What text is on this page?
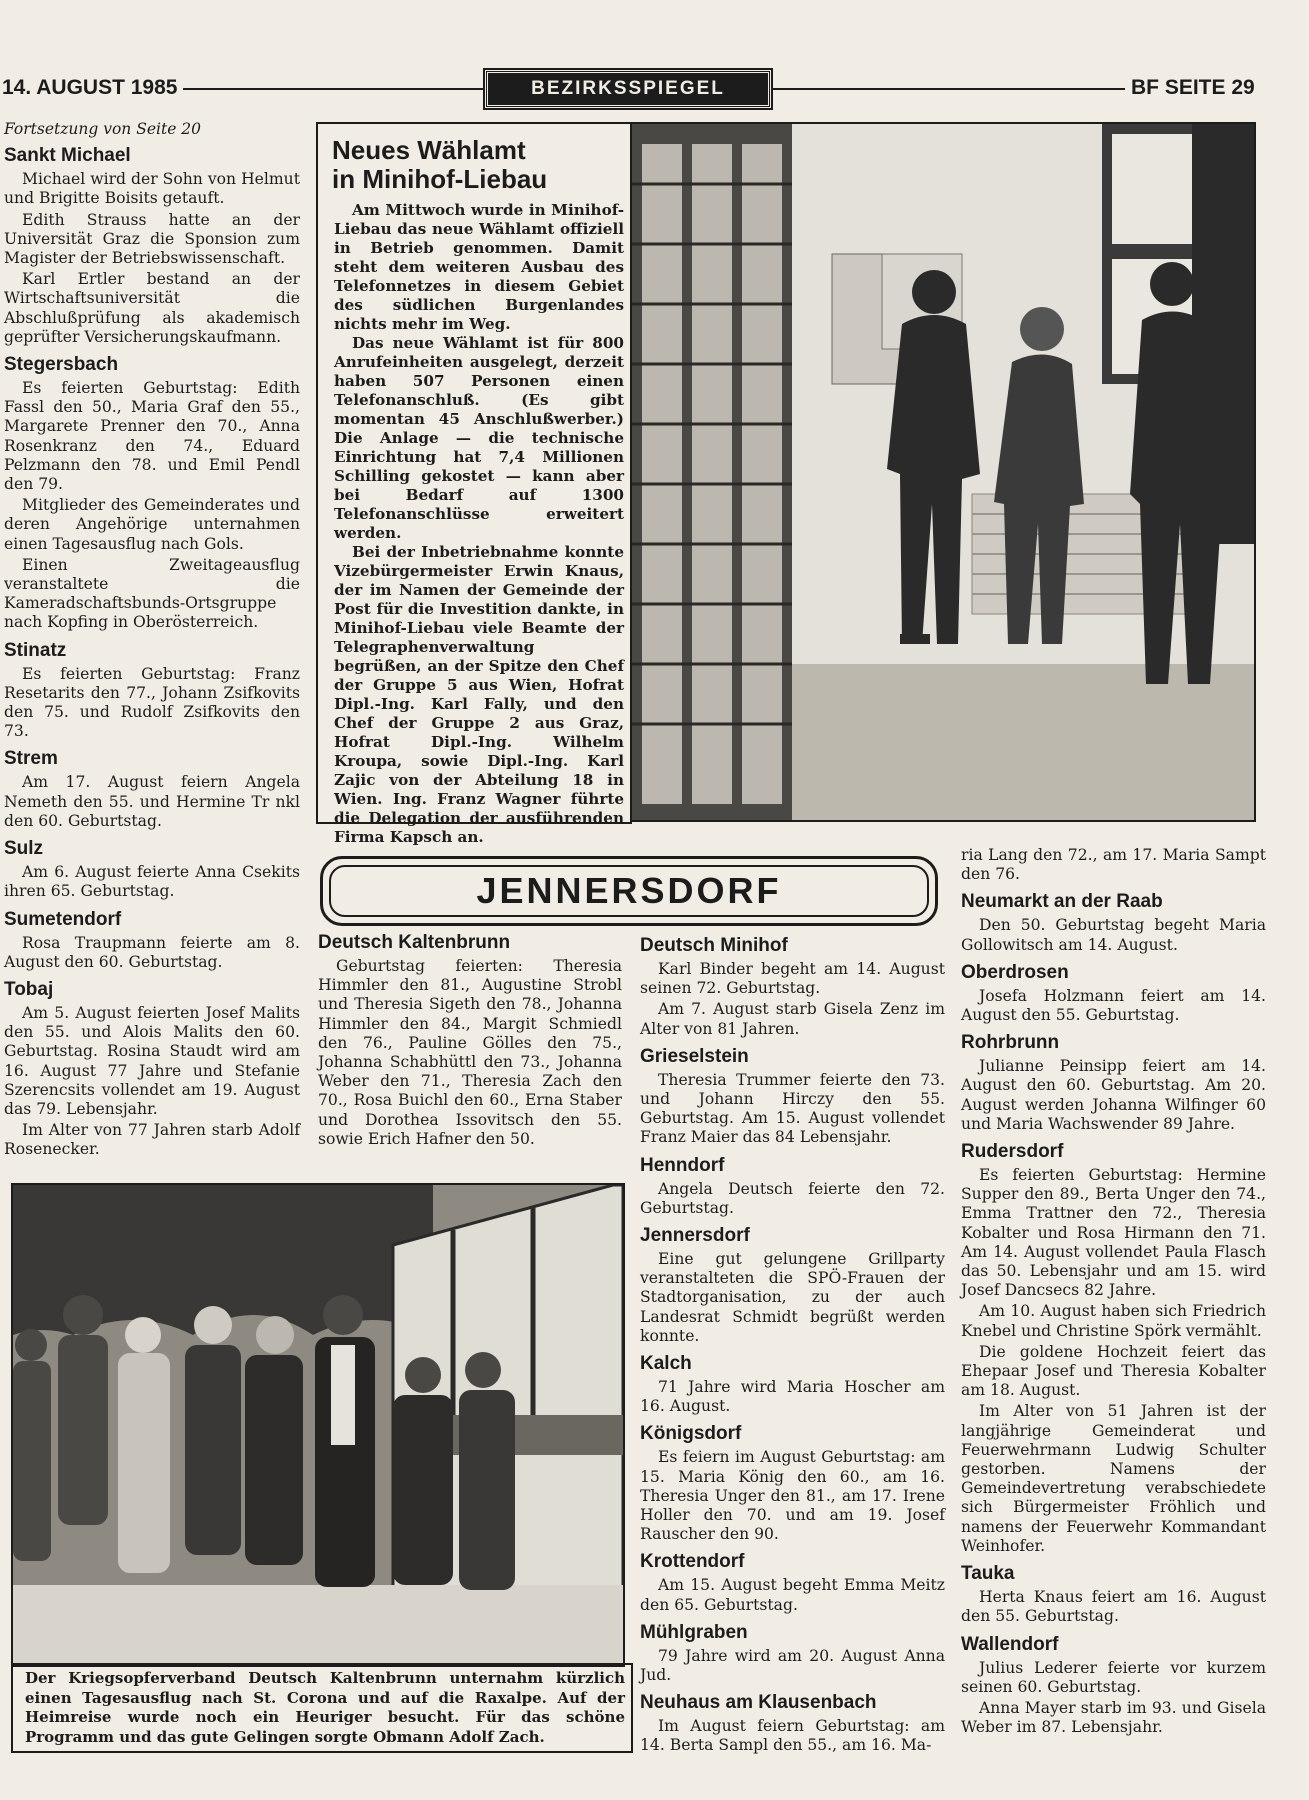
14. AUGUST 1985	BEZIRKSSPIEGEL	BF SEITE 29
Fortsetzung von Seite 20
Sankt Michael

Michael wird der Sohn von Helmut und Brigitte Boisits getauft.

Edith Strauss hatte an der Universität Graz die Sponsion zum Magister der Betriebswissenschaft.

Karl Ertler bestand an der Wirtschaftsuniversität die Abschlußprüfung als akademisch geprüfter Versicherungskaufmann.

Stegersbach

Es feierten Geburtstag: Edith Fassl den 50., Maria Graf den 55., Margarete Prenner den 70., Anna Rosenkranz den 74., Eduard Pelzmann den 78. und Emil Pendl den 79.

Mitglieder des Gemeinderates und deren Angehörige unternahmen einen Tagesausflug nach Gols.

Einen Zweitageausflug veranstaltete die Kameradschaftsbunds-Ortsgruppe nach Kopfing in Oberösterreich.

Stinatz

Es feierten Geburtstag: Franz Resetarits den 77., Johann Zsifkovits den 75. und Rudolf Zsifkovits den 73.

Strem

Am 17. August feiern Angela Nemeth den 55. und Hermine Tr nkl den 60. Geburtstag.

Sulz

Am 6. August feierte Anna Csekits ihren 65. Geburtstag.

Sumetendorf

Rosa Traupmann feierte am 8. August den 60. Geburtstag.

Tobaj

Am 5. August feierten Josef Malits den 55. und Alois Malits den 60. Geburtstag. Rosina Staudt wird am 16. August 77 Jahre und Stefanie Szerencsits vollendet am 19. August das 79. Lebensjahr.

Im Alter von 77 Jahren starb Adolf Rosenecker.

Neues Wählamt
in Minihof-Liebau

Am Mittwoch wurde in Minihof-Liebau das neue Wählamt offiziell in Betrieb genommen. Damit steht dem weiteren Ausbau des Telefonnetzes in diesem Gebiet des südlichen Burgenlandes nichts mehr im Weg.

Das neue Wählamt ist für 800 Anrufeinheiten ausgelegt, derzeit haben 507 Personen einen Telefonanschluß. (Es gibt momentan 45 Anschlußwerber.) Die Anlage — die technische Einrichtung hat 7,4 Millionen Schilling gekostet — kann aber bei Bedarf auf 1300 Telefonanschlüsse erweitert werden.

Bei der Inbetriebnahme konnte Vizebürgermeister Erwin Knaus, der im Namen der Gemeinde der Post für die Investition dankte, in Minihof-Liebau viele Beamte der Telegraphenverwaltung begrüßen, an der Spitze den Chef der Gruppe 5 aus Wien, Hofrat Dipl.-Ing. Karl Fally, und den Chef der Gruppe 2 aus Graz, Hofrat Dipl.-Ing. Wilhelm Kroupa, sowie Dipl.-Ing. Karl Zajic von der Abteilung 18 in Wien. Ing. Franz Wagner führte die Delegation der ausführenden Firma Kapsch an.

JENNERSDORF
Deutsch Kaltenbrunn

Geburtstag feierten: Theresia Himmler den 81., Augustine Strobl und Theresia Sigeth den 78., Johanna Himmler den 84., Margit Schmiedl den 76., Pauline Gölles den 75., Johanna Schabhüttl den 73., Johanna Weber den 71., Theresia Zach den 70., Rosa Buichl den 60., Erna Staber und Dorothea Issovitsch den 55. sowie Erich Hafner den 50.

Deutsch Minihof

Karl Binder begeht am 14. August seinen 72. Geburtstag.

Am 7. August starb Gisela Zenz im Alter von 81 Jahren.

Grieselstein

Theresia Trummer feierte den 73. und Johann Hirczy den 55. Geburtstag. Am 15. August vollendet Franz Maier das 84 Lebensjahr.

Henndorf

Angela Deutsch feierte den 72. Geburtstag.

Jennersdorf

Eine gut gelungene Grillparty veranstalteten die SPÖ-Frauen der Stadtorganisation, zu der auch Landesrat Schmidt begrüßt werden konnte.

Kalch

71 Jahre wird Maria Hoscher am 16. August.

Königsdorf

Es feiern im August Geburtstag: am 15. Maria König den 60., am 16. Theresia Unger den 81., am 17. Irene Holler den 70. und am 19. Josef Rauscher den 90.

Krottendorf

Am 15. August begeht Emma Meitz den 65. Geburtstag.

Mühlgraben

79 Jahre wird am 20. August Anna Jud.

Neuhaus am Klausenbach

Im August feiern Geburtstag: am 14. Berta Sampl den 55., am 16. Ma-

ria Lang den 72., am 17. Maria Sampt den 76.
Neumarkt an der Raab

Den 50. Geburtstag begeht Maria Gollowitsch am 14. August.

Oberdrosen

Josefa Holzmann feiert am 14. August den 55. Geburtstag.

Rohrbrunn

Julianne Peinsipp feiert am 14. August den 60. Geburtstag. Am 20. August werden Johanna Wilfinger 60 und Maria Wachswender 89 Jahre.

Rudersdorf

Es feierten Geburtstag: Hermine Supper den 89., Berta Unger den 74., Emma Trattner den 72., Theresia Kobalter und Rosa Hirmann den 71. Am 14. August vollendet Paula Flasch das 50. Lebensjahr und am 15. wird Josef Dancsecs 82 Jahre.

Am 10. August haben sich Friedrich Knebel und Christine Spörk vermählt.

Die goldene Hochzeit feiert das Ehepaar Josef und Theresia Kobalter am 18. August.

Im Alter von 51 Jahren ist der langjährige Gemeinderat und Feuerwehrmann Ludwig Schulter gestorben. Namens der Gemeindevertretung verabschiedete sich Bürgermeister Fröhlich und namens der Feuerwehr Kommandant Weinhofer.

Tauka

Herta Knaus feiert am 16. August den 55. Geburtstag.

Wallendorf

Julius Lederer feierte vor kurzem seinen 60. Geburtstag.

Anna Mayer starb im 93. und Gisela Weber im 87. Lebensjahr.

Der Kriegsopferverband Deutsch Kaltenbrunn unternahm kürzlich einen Tagesausflug nach St. Corona und auf die Raxalpe. Auf der Heimreise wurde noch ein Heuriger besucht. Für das schöne Programm und das gute Gelingen sorgte Obmann Adolf Zach.
